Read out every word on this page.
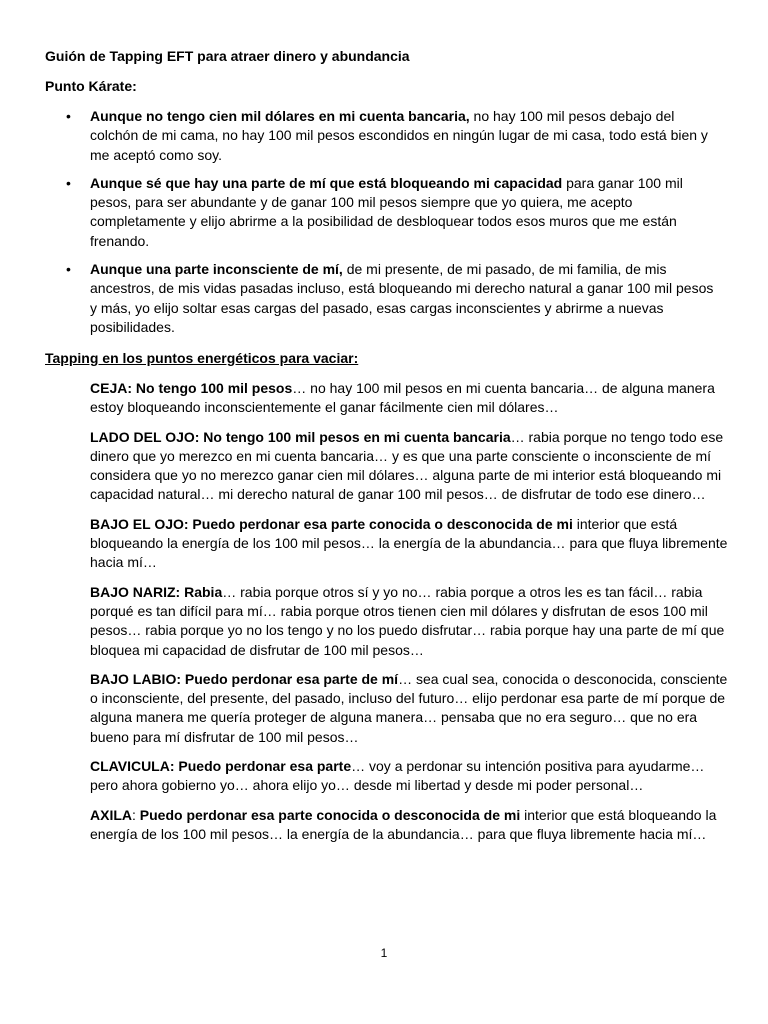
Guión de Tapping EFT para atraer dinero y abundancia
Punto Kárate:
• Aunque no tengo cien mil dólares en mi cuenta bancaria, no hay 100 mil pesos debajo del colchón de mi cama, no hay 100 mil pesos escondidos en ningún lugar de mi casa, todo está bien y me aceptó como soy.
• Aunque sé que hay una parte de mí que está bloqueando mi capacidad para ganar 100 mil pesos, para ser abundante y de ganar 100 mil pesos siempre que yo quiera, me acepto completamente y elijo abrirme a la posibilidad de desbloquear todos esos muros que me están frenando.
• Aunque una parte inconsciente de mí, de mi presente, de mi pasado, de mi familia, de mis ancestros, de mis vidas pasadas incluso, está bloqueando mi derecho natural a ganar 100 mil pesos y más, yo elijo soltar esas cargas del pasado, esas cargas inconscientes y abrirme a nuevas posibilidades.
Tapping en los puntos energéticos para vaciar:
CEJA: No tengo 100 mil pesos… no hay 100 mil pesos en mi cuenta bancaria… de alguna manera estoy bloqueando inconscientemente el ganar fácilmente cien mil dólares…
LADO DEL OJO: No tengo 100 mil pesos en mi cuenta bancaria… rabia porque no tengo todo ese dinero que yo merezco en mi cuenta bancaria… y es que una parte consciente o inconsciente de mí considera que yo no merezco ganar cien mil dólares… alguna parte de mi interior está bloqueando mi capacidad natural… mi derecho natural de ganar 100 mil pesos… de disfrutar de todo ese dinero…
BAJO EL OJO: Puedo perdonar esa parte conocida o desconocida de mi interior que está bloqueando la energía de los 100 mil pesos… la energía de la abundancia… para que fluya libremente hacia mí…
BAJO NARIZ: Rabia… rabia porque otros sí y yo no… rabia porque a otros les es tan fácil… rabia porqué es tan difícil para mí… rabia porque otros tienen cien mil dólares y disfrutan de esos 100 mil pesos… rabia porque yo no los tengo y no los puedo disfrutar… rabia porque hay una parte de mí que bloquea mi capacidad de disfrutar de 100 mil pesos…
BAJO LABIO: Puedo perdonar esa parte de mí… sea cual sea, conocida o desconocida, consciente o inconsciente, del presente, del pasado, incluso del futuro… elijo perdonar esa parte de mí porque de alguna manera me quería proteger de alguna manera… pensaba que no era seguro… que no era bueno para mí disfrutar de 100 mil pesos…
CLAVICULA: Puedo perdonar esa parte… voy a perdonar su intención positiva para ayudarme… pero ahora gobierno yo… ahora elijo yo… desde mi libertad y desde mi poder personal…
AXILA: Puedo perdonar esa parte conocida o desconocida de mi interior que está bloqueando la energía de los 100 mil pesos… la energía de la abundancia… para que fluya libremente hacia mí…
1
